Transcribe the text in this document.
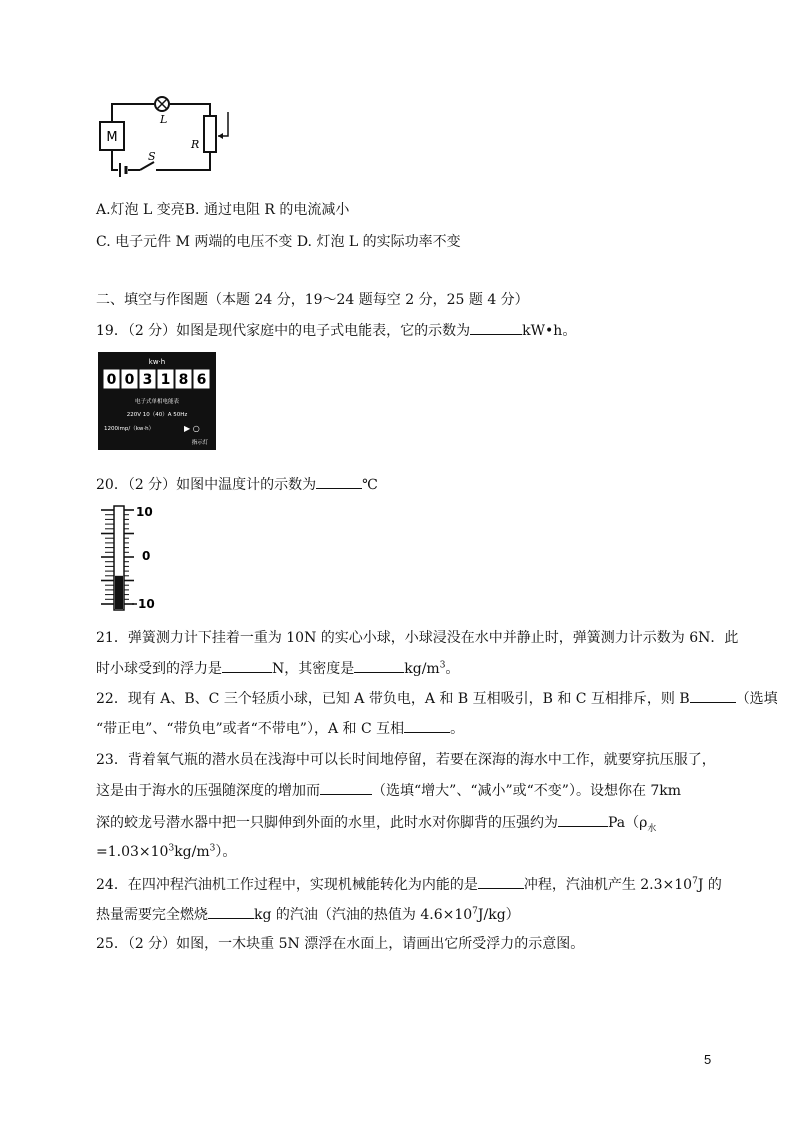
M
L
R
S
A.灯泡 L 变亮B. 通过电阻 R 的电流减小
C. 电子元件 M 两端的电压不变 D. 灯泡 L 的实际功率不变
二、填空与作图题（本题 24 分，19～24 题每空 2 分，25 题 4 分）
19．（2 分）如图是现代家庭中的电子式电能表，它的示数为	kW•h。
kw·h
0 0 3 1 8 6
电子式单相电能表
220V 10（40）A 50Hz
1200imp/（kw·h）	▶ ○
指示灯
20．（2 分）如图中温度计的示数为	℃
10
0
10
21．弹簧测力计下挂着一重为 10N 的实心小球，小球浸没在水中并静止时，弹簧测力计示数为 6N．此
时小球受到的浮力是	N，其密度是	$kg/m^3$。
22．现有 A、B、C 三个轻质小球，已知 A 带负电，A 和 B 互相吸引，B 和 C 互相排斥，则 B	（选填
“带正电”、“带负电”或者“不带电”），A 和 C 互相	。
23．背着氧气瓶的潜水员在浅海中可以长时间地停留，若要在深海的海水中工作，就要穿抗压服了，
这是由于海水的压强随深度的增加而	（选填“增大”、“减小”或“不变”）。设想你在 7km
深的蛟龙号潜水器中把一只脚伸到外面的水里，此时水对你脚背的压强约为	$Pa(\rho_水$
$=1.03\times 10^3kg/m^3$）。
24．在四冲程汽油机工作过程中，实现机械能转化为内能的是	冲程，汽油机产生 $2.3\times 10^7J$ 的
热量需要完全燃烧	kg 的汽油（汽油的热值为 $4.6\times 10^7J/kg$）
25．（2 分）如图，一木块重 5N 漂浮在水面上，请画出它所受浮力的示意图。
5
